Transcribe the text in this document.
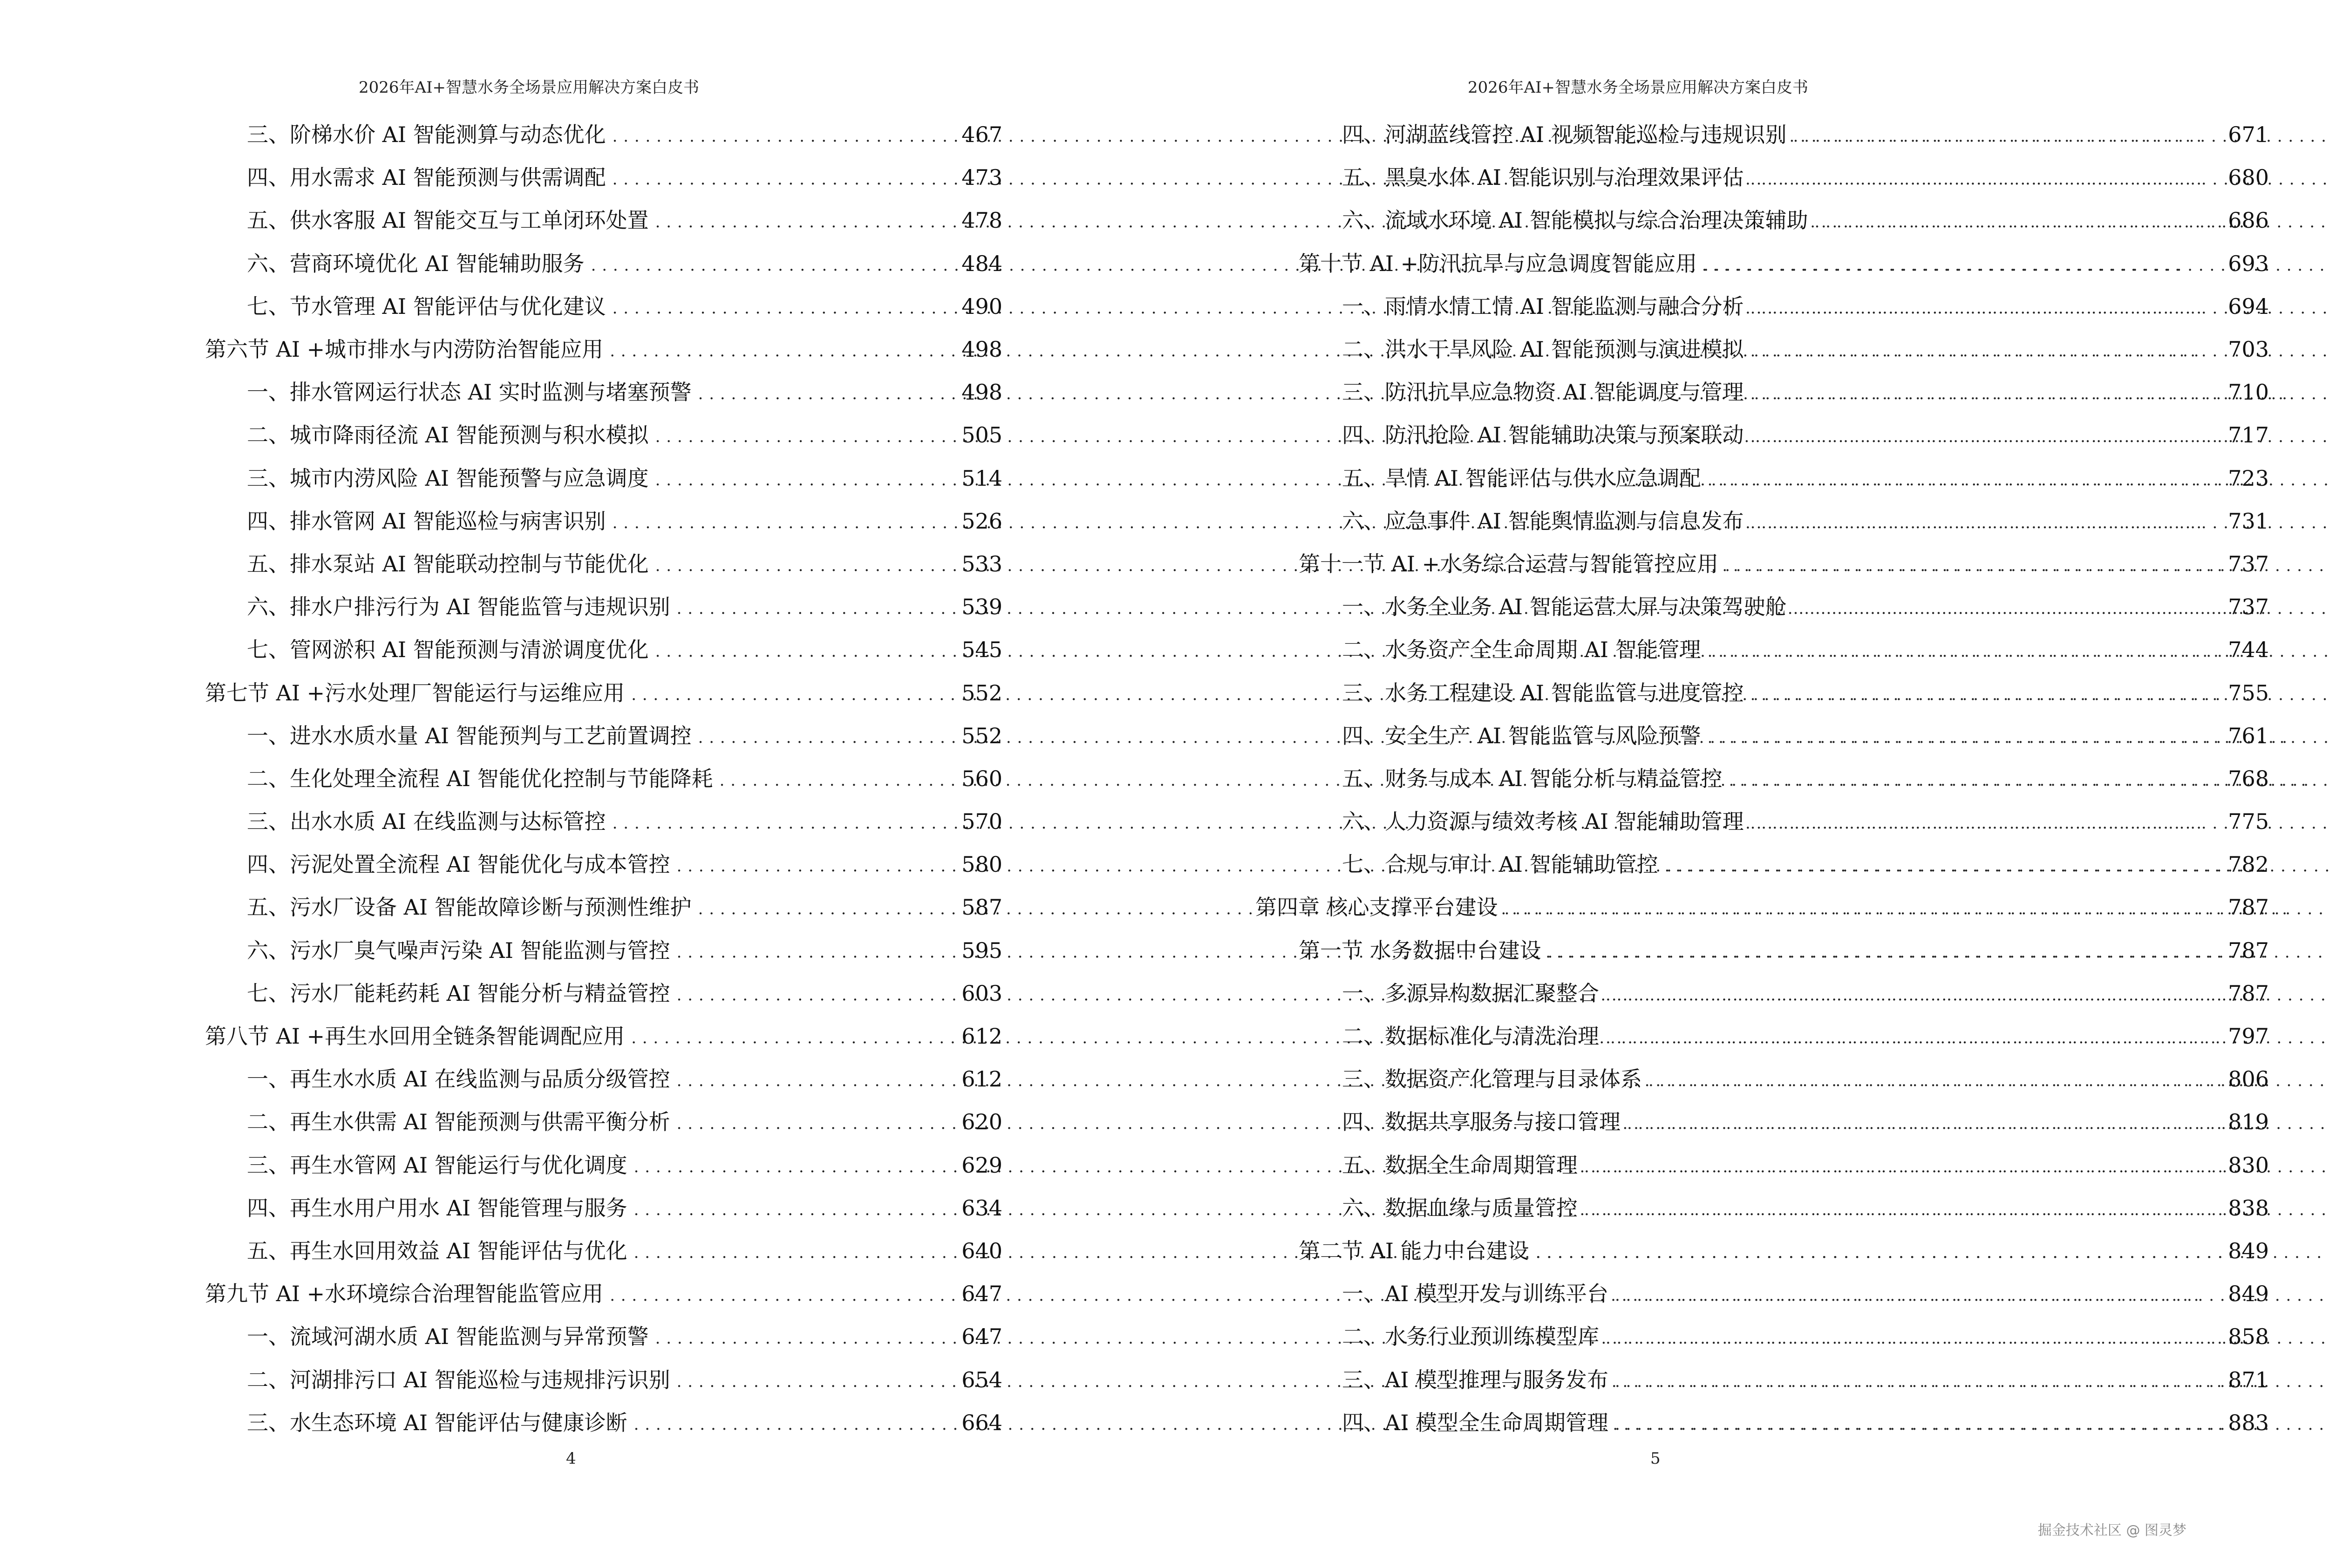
2026年AI+智慧水务全场景应用解决方案白皮书
三、阶梯水价 AI 智能测算与动态优化 . . .	467
四、用水需求 AI 智能预测与供需调配 . . .	473
五、供水客服 AI 智能交互与工单闭环处置 . . .	478
六、营商环境优化 AI 智能辅助服务 . . .	484
七、节水管理 AI 智能评估与优化建议 . . .	490
第六节 AI +城市排水与内涝防治智能应用 . . .	498
一、排水管网运行状态 AI 实时监测与堵塞预警 . . .	498
二、城市降雨径流 AI 智能预测与积水模拟 . . .	505
三、城市内涝风险 AI 智能预警与应急调度 . . .	514
四、排水管网 AI 智能巡检与病害识别 . . .	526
五、排水泵站 AI 智能联动控制与节能优化 . . .	533
六、排水户排污行为 AI 智能监管与违规识别 . . .	539
七、管网淤积 AI 智能预测与清淤调度优化 . . .	545
第七节 AI +污水处理厂智能运行与运维应用 . . .	552
一、进水水质水量 AI 智能预判与工艺前置调控 . . .	552
二、生化处理全流程 AI 智能优化控制与节能降耗 . . .	560
三、出水水质 AI 在线监测与达标管控 . . .	570
四、污泥处置全流程 AI 智能优化与成本管控 . . .	580
五、污水厂设备 AI 智能故障诊断与预测性维护 . . .	587
六、污水厂臭气噪声污染 AI 智能监测与管控 . . .	595
七、污水厂能耗药耗 AI 智能分析与精益管控 . . .	603
第八节 AI +再生水回用全链条智能调配应用 . . .	612
一、再生水水质 AI 在线监测与品质分级管控 . . .	612
二、再生水供需 AI 智能预测与供需平衡分析 . . .	620
三、再生水管网 AI 智能运行与优化调度 . . .	629
四、再生水用户用水 AI 智能管理与服务 . . .	634
五、再生水回用效益 AI 智能评估与优化 . . .	640
第九节 AI +水环境综合治理智能监管应用 . . .	647
一、流域河湖水质 AI 智能监测与异常预警 . . .	647
二、河湖排污口 AI 智能巡检与违规排污识别 . . .	654
三、水生态环境 AI 智能评估与健康诊断 . . .	664
4
2026年AI+智慧水务全场景应用解决方案白皮书
四、河湖蓝线管控 AI 视频智能巡检与违规识别 . . .	671
五、黑臭水体 AI 智能识别与治理效果评估 . . .	680
六、流域水环境 AI 智能模拟与综合治理决策辅助 . . .	686
第十节 AI +防汛抗旱与应急调度智能应用 . . .	693
一、雨情水情工情 AI 智能监测与融合分析 . . .	694
二、洪水干旱风险 AI 智能预测与演进模拟 . . .	703
三、防汛抗旱应急物资 AI 智能调度与管理 . . .	710
四、防汛抢险 AI 智能辅助决策与预案联动 . . .	717
五、旱情 AI 智能评估与供水应急调配 . . .	723
六、应急事件 AI 智能舆情监测与信息发布 . . .	731
第十一节 AI +水务综合运营与智能管控应用 . . .	737
一、水务全业务 AI 智能运营大屏与决策驾驶舱 . . .	737
二、水务资产全生命周期 AI 智能管理 . . .	744
三、水务工程建设 AI 智能监管与进度管控 . . .	755
四、安全生产 AI 智能监管与风险预警 . . .	761
五、财务与成本 AI 智能分析与精益管控 . . .	768
六、人力资源与绩效考核 AI 智能辅助管理 . . .	775
七、合规与审计 AI 智能辅助管控 . . .	782
第四章 核心支撑平台建设 . . .	787
第一节 水务数据中台建设 . . .	787
一、多源异构数据汇聚整合 . . .	787
二、数据标准化与清洗治理 . . .	797
三、数据资产化管理与目录体系 . . .	806
四、数据共享服务与接口管理 . . .	819
五、数据全生命周期管理 . . .	830
六、数据血缘与质量管控 . . .	838
第二节 AI 能力中台建设 . . .	849
一、AI 模型开发与训练平台 . . .	849
二、水务行业预训练模型库 . . .	858
三、AI 模型推理与服务发布 . . .	871
四、AI 模型全生命周期管理 . . .	883
5
掘金技术社区 @ 图灵梦
